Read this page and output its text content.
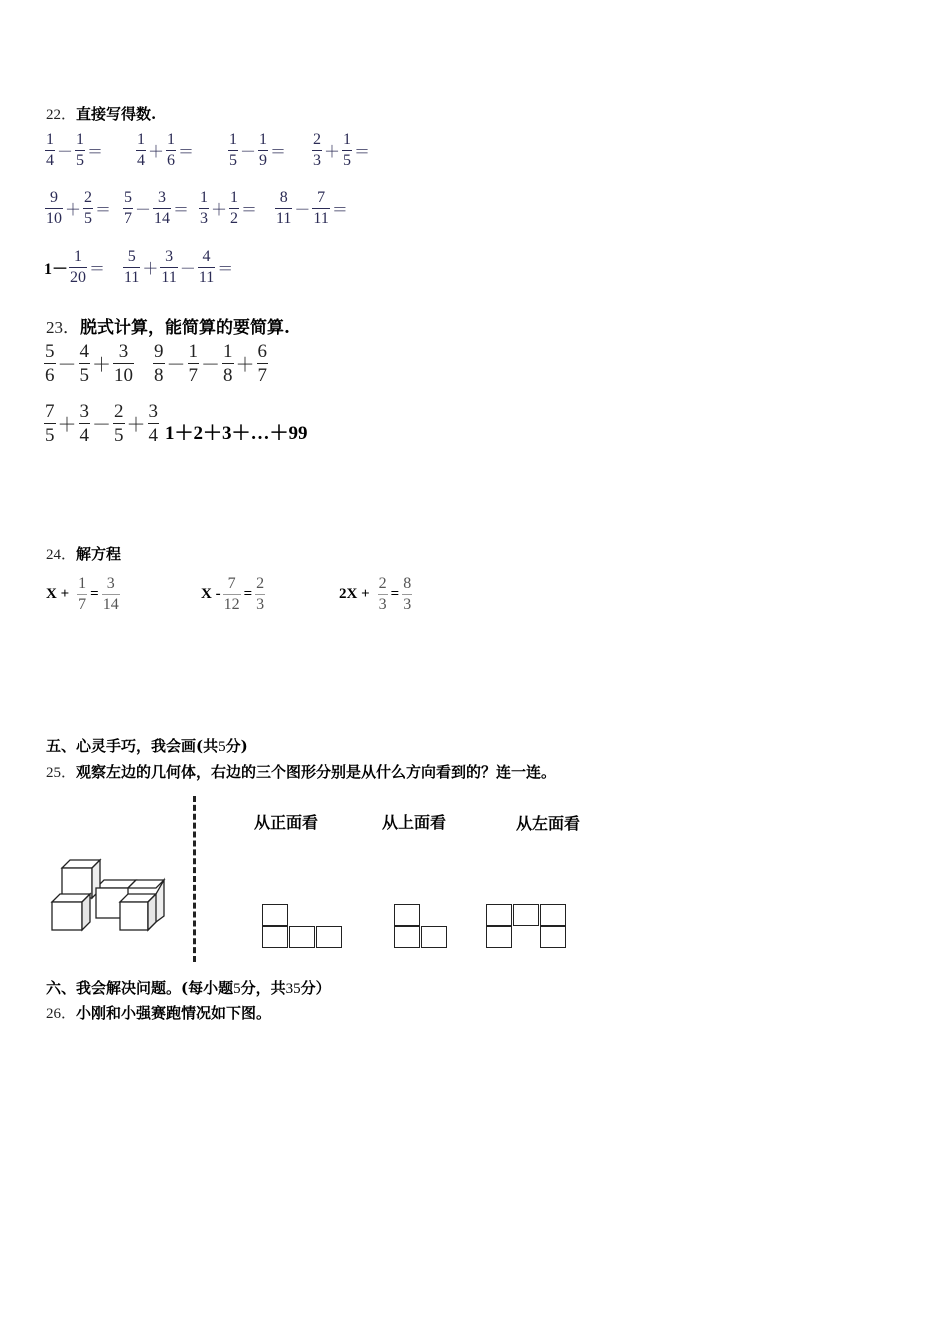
22．直接写得数.
$\frac{1}{4} - \frac{1}{5} = \frac{1}{4} + \frac{1}{6} = \frac{1}{5} - \frac{1}{9} = \frac{2}{3} + \frac{1}{5}$ ＝
$\frac{9}{10} + \frac{2}{5} = \frac{5}{7} - \frac{3}{14} = \frac{1}{3} + \frac{1}{2} = \frac{8}{11} - \frac{7}{11}$ ＝
$1- \frac{1}{20} = \frac{5}{11} + \frac{3}{11} - \frac{4}{11}$ ＝
23．脱式计算，能简算的要简算.
$\frac{5}{6} - \frac{4}{5} + \frac{3}{10} \frac{9}{8} - \frac{1}{7} - \frac{1}{8} + \frac{6}{7}$
$\frac{7}{5} + \frac{3}{4} - \frac{2}{5} + \frac{3}{4}$ 1＋2＋3＋…＋99
24．解方程
$X + \frac{1}{7} = \frac{3}{14}$	$X - \frac{7}{12} = \frac{2}{3}$	$2X + \frac{2}{3} = \frac{8}{3}$
五、心灵手巧，我会画(共5分)
25．观察左边的几何体，右边的三个图形分别是从什么方向看到的？连一连。
从正面看	从上面看	从左面看
六、我会解决问题。(每小题5分，共35分）
26．小刚和小强赛跑情况如下图。
